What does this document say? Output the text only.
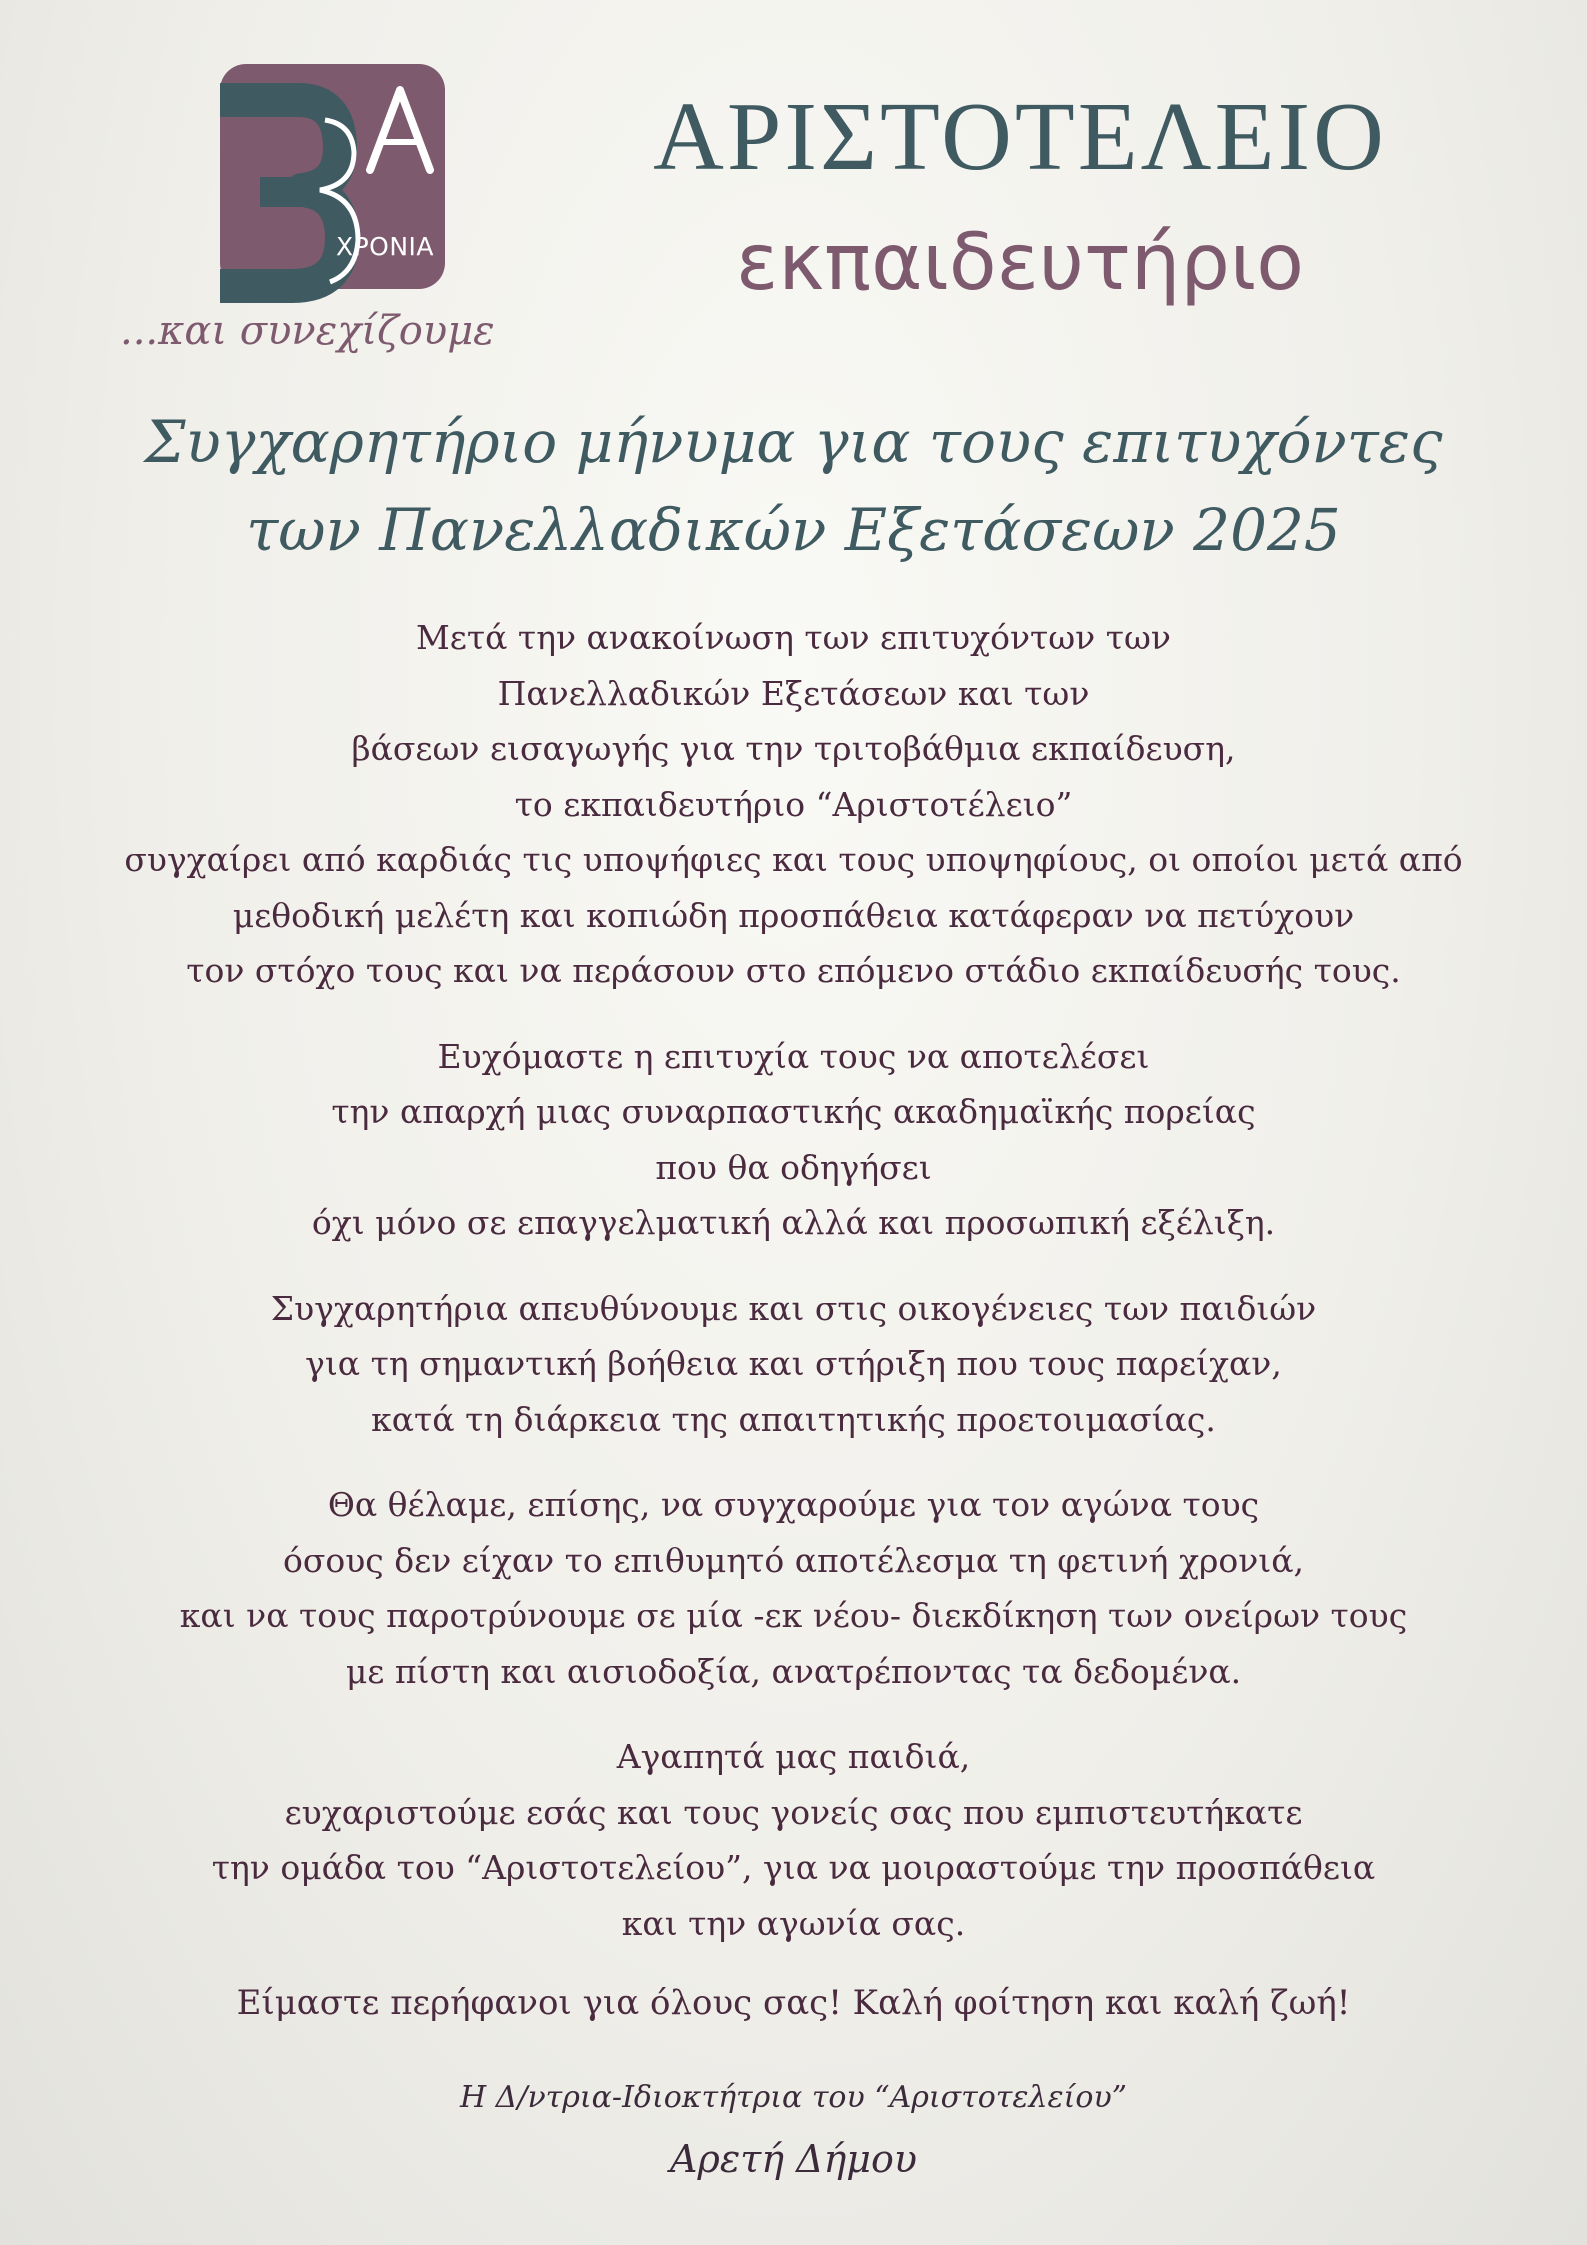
ΧΡΟΝΙΑ
...και συνεχίζουμε
ΑΡΙΣΤΟΤΕΛΕΙΟ
εκπαιδευτήριο
Συγχαρητήριο μήνυμα για τους επιτυχόντες
των Πανελλαδικών Εξετάσεων 2025
Μετά την ανακοίνωση των επιτυχόντων των
Πανελλαδικών Εξετάσεων και των
βάσεων εισαγωγής για την τριτοβάθμια εκπαίδευση,
το εκπαιδευτήριο “Αριστοτέλειο”
συγχαίρει από καρδιάς τις υποψήφιες και τους υποψηφίους, οι οποίοι μετά από
μεθοδική μελέτη και κοπιώδη προσπάθεια κατάφεραν να πετύχουν
τον στόχο τους και να περάσουν στο επόμενο στάδιο εκπαίδευσής τους.
Ευχόμαστε η επιτυχία τους να αποτελέσει
την απαρχή μιας συναρπαστικής ακαδημαϊκής πορείας
που θα οδηγήσει
όχι μόνο σε επαγγελματική αλλά και προσωπική εξέλιξη.
Συγχαρητήρια απευθύνουμε και στις οικογένειες των παιδιών
για τη σημαντική βοήθεια και στήριξη που τους παρείχαν,
κατά τη διάρκεια της απαιτητικής προετοιμασίας.
Θα θέλαμε, επίσης, να συγχαρούμε για τον αγώνα τους
όσους δεν είχαν το επιθυμητό αποτέλεσμα τη φετινή χρονιά,
και να τους παροτρύνουμε σε μία -εκ νέου- διεκδίκηση των ονείρων τους
με πίστη και αισιοδοξία, ανατρέποντας τα δεδομένα.
Αγαπητά μας παιδιά,
ευχαριστούμε εσάς και τους γονείς σας που εμπιστευτήκατε
την ομάδα του “Αριστοτελείου”, για να μοιραστούμε την προσπάθεια
και την αγωνία σας.
Είμαστε περήφανοι για όλους σας! Καλή φοίτηση και καλή ζωή!
Η Δ/ντρια-Ιδιοκτήτρια του “Αριστοτελείου”
Αρετή Δήμου
